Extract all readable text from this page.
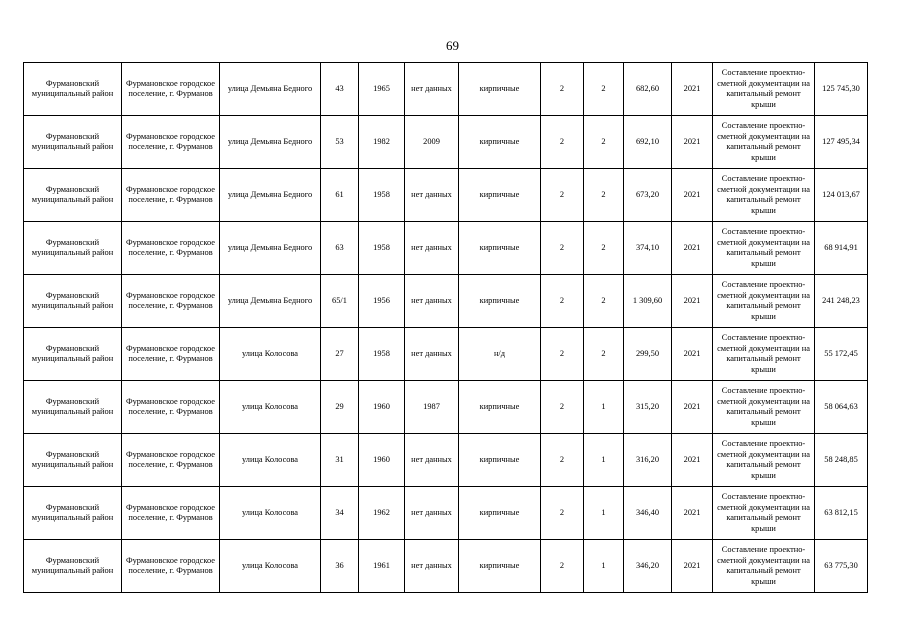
69
Фурмановский муниципальный район	Фурмановское городское поселение, г. Фурманов	улица Демьяна Бедного	43	1965	нет данных	кирпичные	2	2	682,60	2021	Составление проектно-сметной документации на капитальный ремонт крыши	125 745,30
Фурмановский муниципальный район	Фурмановское городское поселение, г. Фурманов	улица Демьяна Бедного	53	1982	2009	кирпичные	2	2	692,10	2021	Составление проектно-сметной документации на капитальный ремонт крыши	127 495,34
Фурмановский муниципальный район	Фурмановское городское поселение, г. Фурманов	улица Демьяна Бедного	61	1958	нет данных	кирпичные	2	2	673,20	2021	Составление проектно-сметной документации на капитальный ремонт крыши	124 013,67
Фурмановский муниципальный район	Фурмановское городское поселение, г. Фурманов	улица Демьяна Бедного	63	1958	нет данных	кирпичные	2	2	374,10	2021	Составление проектно-сметной документации на капитальный ремонт крыши	68 914,91
Фурмановский муниципальный район	Фурмановское городское поселение, г. Фурманов	улица Демьяна Бедного	65/1	1956	нет данных	кирпичные	2	2	1 309,60	2021	Составление проектно-сметной документации на капитальный ремонт крыши	241 248,23
Фурмановский муниципальный район	Фурмановское городское поселение, г. Фурманов	улица Колосова	27	1958	нет данных	н/д	2	2	299,50	2021	Составление проектно-сметной документации на капитальный ремонт крыши	55 172,45
Фурмановский муниципальный район	Фурмановское городское поселение, г. Фурманов	улица Колосова	29	1960	1987	кирпичные	2	1	315,20	2021	Составление проектно-сметной документации на капитальный ремонт крыши	58 064,63
Фурмановский муниципальный район	Фурмановское городское поселение, г. Фурманов	улица Колосова	31	1960	нет данных	кирпичные	2	1	316,20	2021	Составление проектно-сметной документации на капитальный ремонт крыши	58 248,85
Фурмановский муниципальный район	Фурмановское городское поселение, г. Фурманов	улица Колосова	34	1962	нет данных	кирпичные	2	1	346,40	2021	Составление проектно-сметной документации на капитальный ремонт крыши	63 812,15
Фурмановский муниципальный район	Фурмановское городское поселение, г. Фурманов	улица Колосова	36	1961	нет данных	кирпичные	2	1	346,20	2021	Составление проектно-сметной документации на капитальный ремонт крыши	63 775,30
